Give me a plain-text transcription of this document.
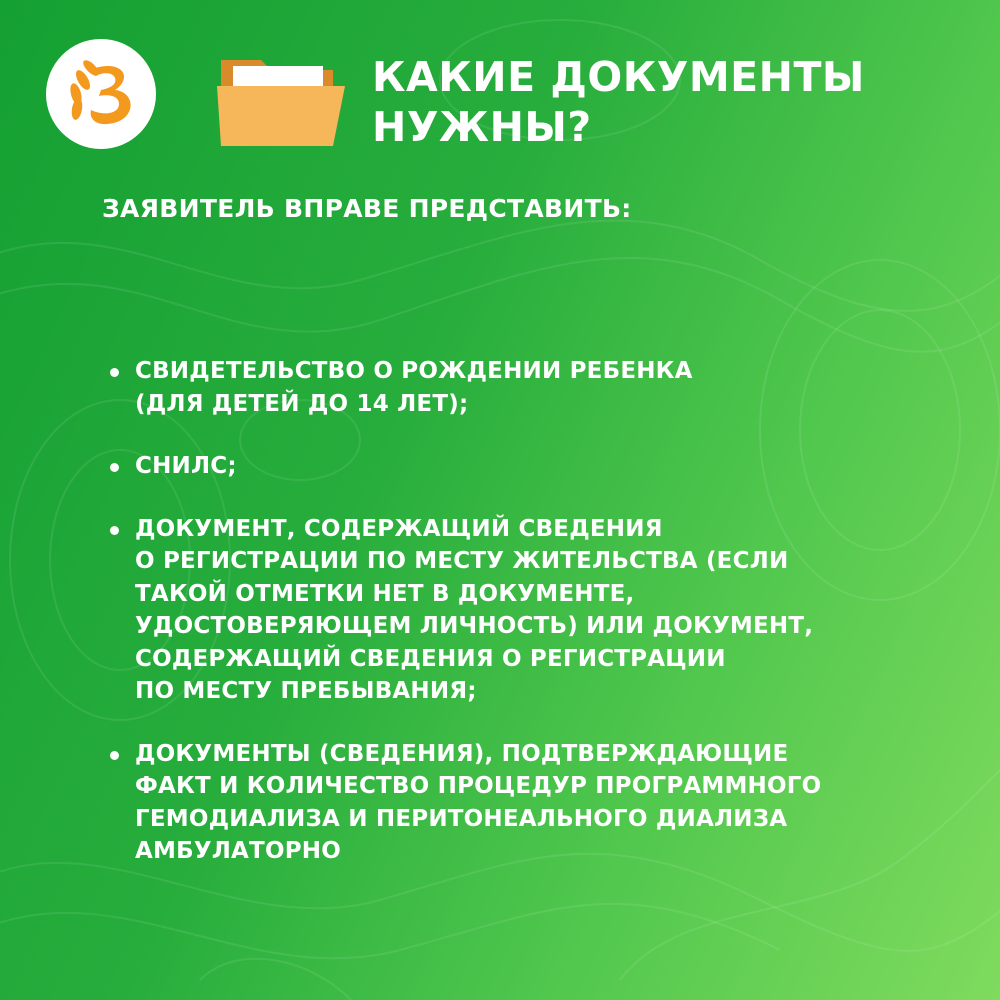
КАКИЕ ДОКУМЕНТЫ
НУЖНЫ?

ЗАЯВИТЕЛЬ ВПРАВЕ ПРЕДСТАВИТЬ:

СВИДЕТЕЛЬСТВО О РОЖДЕНИИ РЕБЕНКА
(ДЛЯ ДЕТЕЙ ДО 14 ЛЕТ);
СНИЛС;
ДОКУМЕНТ, СОДЕРЖАЩИЙ СВЕДЕНИЯ
О РЕГИСТРАЦИИ ПО МЕСТУ ЖИТЕЛЬСТВА (ЕСЛИ
ТАКОЙ ОТМЕТКИ НЕТ В ДОКУМЕНТЕ,
УДОСТОВЕРЯЮЩЕМ ЛИЧНОСТЬ) ИЛИ ДОКУМЕНТ,
СОДЕРЖАЩИЙ СВЕДЕНИЯ О РЕГИСТРАЦИИ
ПО МЕСТУ ПРЕБЫВАНИЯ;
ДОКУМЕНТЫ (СВЕДЕНИЯ), ПОДТВЕРЖДАЮЩИЕ
ФАКТ И КОЛИЧЕСТВО ПРОЦЕДУР ПРОГРАММНОГО
ГЕМОДИАЛИЗА И ПЕРИТОНЕАЛЬНОГО ДИАЛИЗА
АМБУЛАТОРНО
